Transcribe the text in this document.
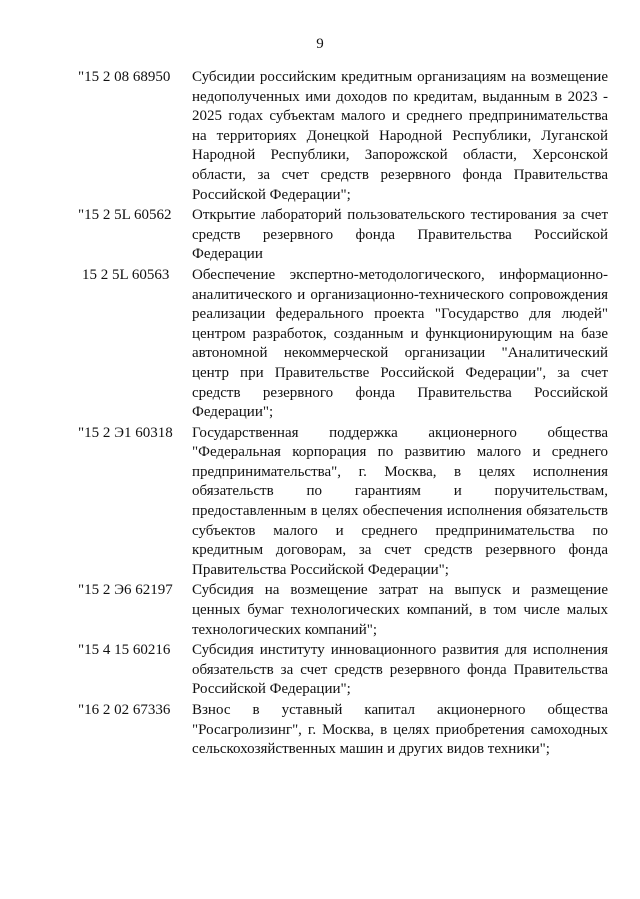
9
"15 2 08 68950	Субсидии российским кредитным организациям на возмещение недополученных ими доходов по кредитам, выданным в 2023 - 2025 годах субъектам малого и среднего предпринимательства на территориях Донецкой Народной Республики, Луганской Народной Республики, Запорожской области, Херсонской области, за счет средств резервного фонда Правительства Российской Федерации";
"15 2 5L 60562	Открытие лабораторий пользовательского тестирования за счет средств резервного фонда Правительства Российской Федерации
15 2 5L 60563	Обеспечение экспертно-методологического, информационно-аналитического и организационно-технического сопровождения реализации федерального проекта "Государство для людей" центром разработок, созданным и функционирующим на базе автономной некоммерческой организации "Аналитический центр при Правительстве Российской Федерации", за счет средств резервного фонда Правительства Российской Федерации";
"15 2 Э1 60318	Государственная поддержка акционерного общества "Федеральная корпорация по развитию малого и среднего предпринимательства", г. Москва, в целях исполнения обязательств по гарантиям и поручительствам, предоставленным в целях обеспечения исполнения обязательств субъектов малого и среднего предпринимательства по кредитным договорам, за счет средств резервного фонда Правительства Российской Федерации";
"15 2 Э6 62197	Субсидия на возмещение затрат на выпуск и размещение ценных бумаг технологических компаний, в том числе малых технологических компаний";
"15 4 15 60216	Субсидия институту инновационного развития для исполнения обязательств за счет средств резервного фонда Правительства Российской Федерации";
"16 2 02 67336	Взнос в уставный капитал акционерного общества "Росагролизинг", г. Москва, в целях приобретения самоходных сельскохозяйственных машин и других видов техники";
